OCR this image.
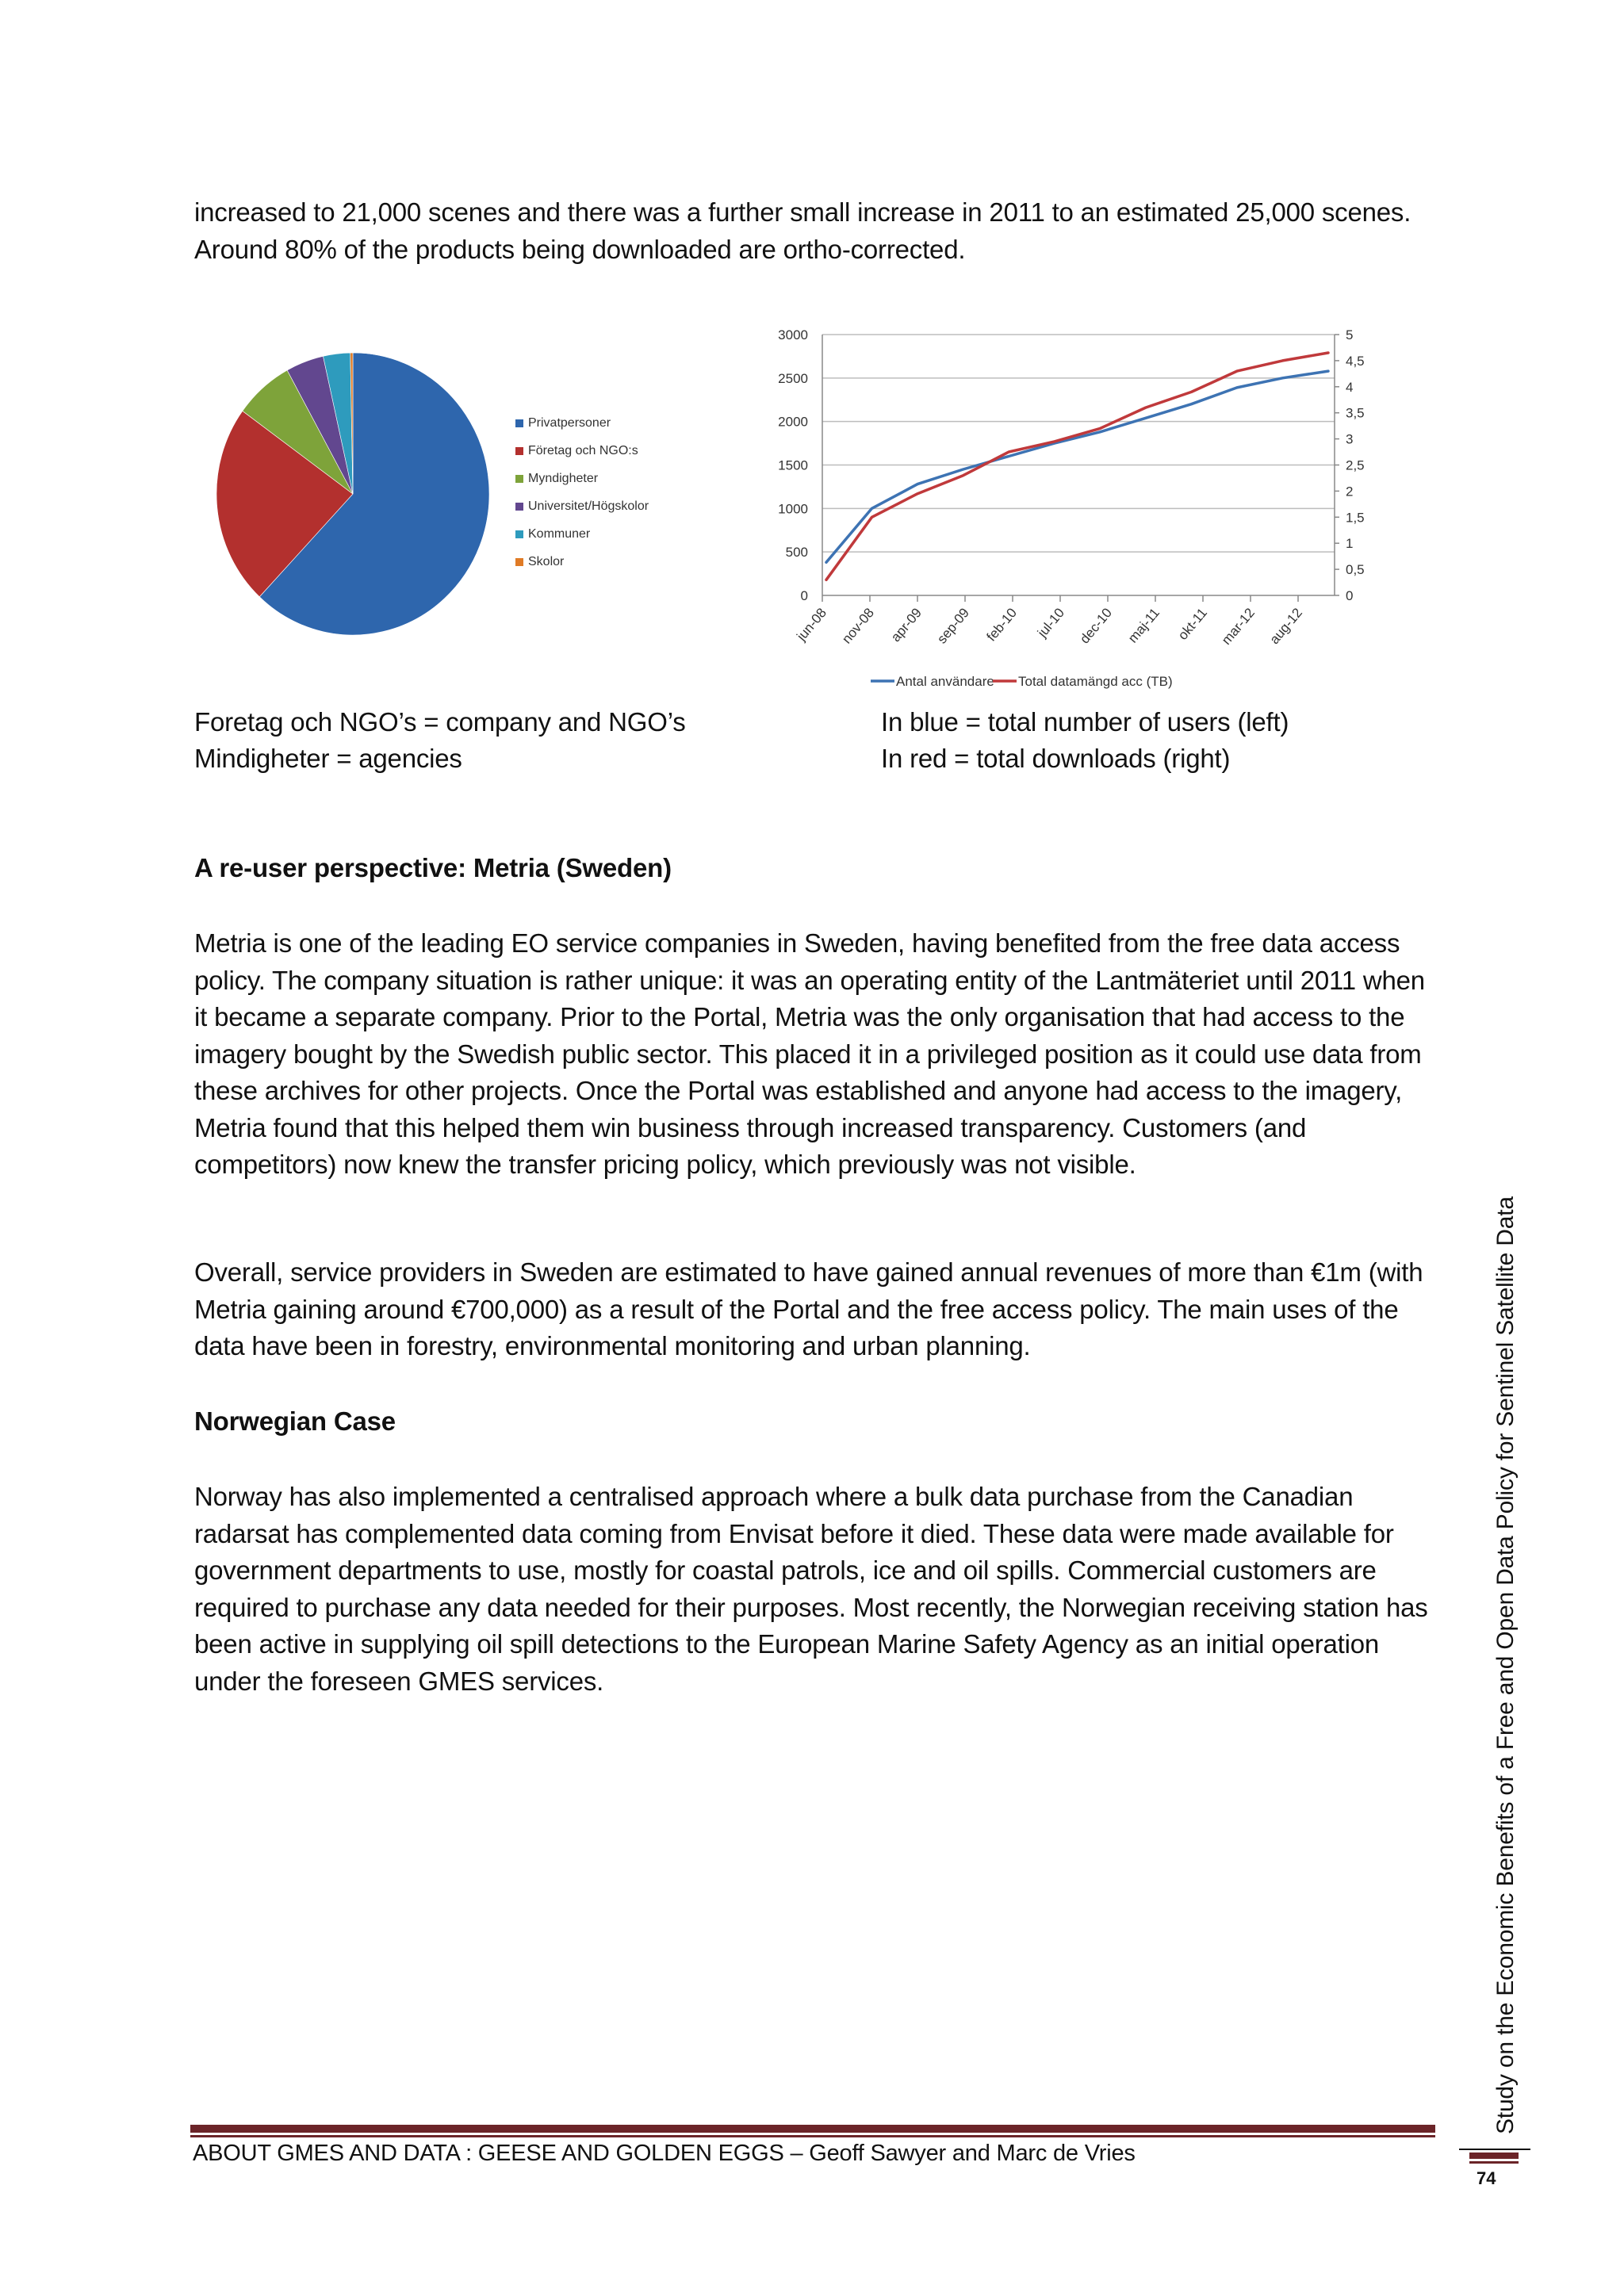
increased to 21,000 scenes and there was a further small increase in 2011 to an estimated 25,000 scenes. Around 80% of the products being downloaded are ortho-corrected.

Privatpersoner
Företag och NGO:s
Myndigheter
Universitet/Högskolor
Kommuner
Skolor
0
500
1000
1500
2000
2500
3000
0
0,5
1
1,5
2
2,5
3
3,5
4
4,5
5
jun-08 nov-08 apr-09 sep-09 feb-10 jul-10 dec-10 maj-11 okt-11 mar-12 aug-12
Antal användare Total datamängd acc (TB)
Foretag och NGO’s = company and NGO’s
Mindigheter = agencies
In blue = total number of users (left)
In red = total downloads (right)
A re-user perspective: Metria (Sweden)

Metria is one of the leading EO service companies in Sweden, having benefited from the free data access policy. The company situation is rather unique: it was an operating entity of the Lantmäteriet until 2011 when it became a separate company. Prior to the Portal, Metria was the only organisation that had access to the imagery bought by the Swedish public sector. This placed it in a privileged position as it could use data from these archives for other projects. Once the Portal was established and anyone had access to the imagery, Metria found that this helped them win business through increased transparency. Customers (and competitors) now knew the transfer pricing policy, which previously was not visible.

Overall, service providers in Sweden are estimated to have gained annual revenues of more than €1m (with Metria gaining around €700,000) as a result of the Portal and the free access policy. The main uses of the data have been in forestry, environmental monitoring and urban planning.

Norwegian Case

Norway has also implemented a centralised approach where a bulk data purchase from the Canadian radarsat has complemented data coming from Envisat before it died. These data were made available for government departments to use, mostly for coastal patrols, ice and oil spills. Commercial customers are required to purchase any data needed for their purposes. Most recently, the Norwegian receiving station has been active in supplying oil spill detections to the European Marine Safety Agency as an initial operation under the foreseen GMES services.

ABOUT GMES AND DATA : GEESE AND GOLDEN EGGS – Geoff Sawyer and Marc de Vries
Study on the Economic Benefits of a Free and Open Data Policy for Sentinel Satellite Data
74
